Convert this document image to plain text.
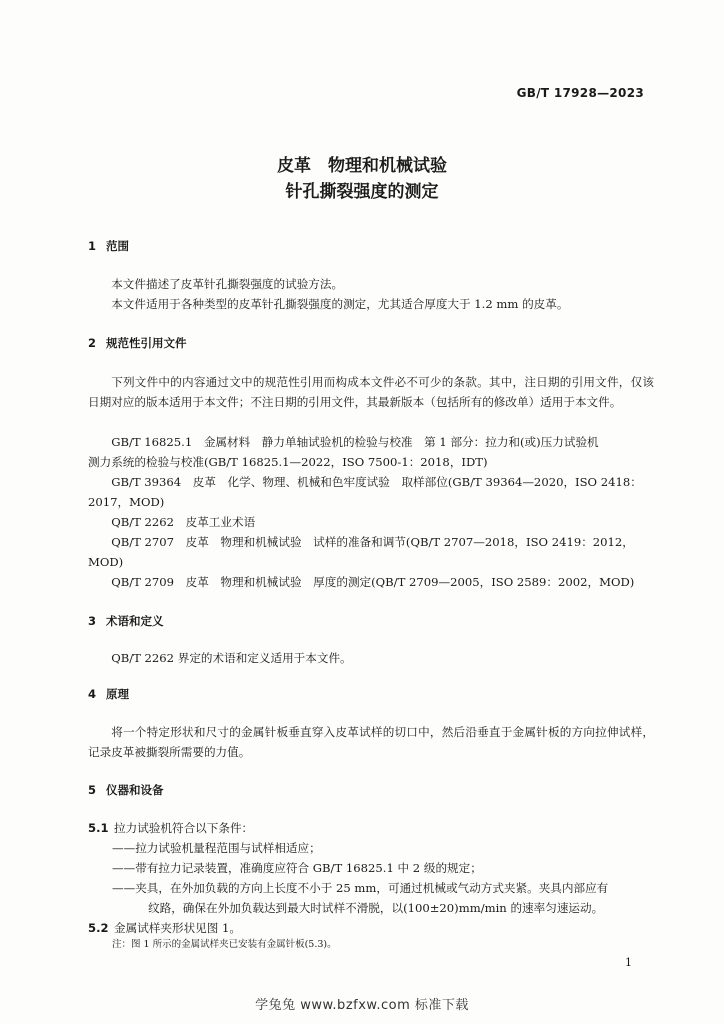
GB/T 17928—2023
皮革　物理和机械试验
针孔撕裂强度的测定
1 范围
本文件描述了皮革针孔撕裂强度的试验方法。
本文件适用于各种类型的皮革针孔撕裂强度的测定，尤其适合厚度大于 1.2 mm 的皮革。
2 规范性引用文件
下列文件中的内容通过文中的规范性引用而构成本文件必不可少的条款。其中，注日期的引用文件，仅该日期对应的版本适用于本文件；不注日期的引用文件，其最新版本（包括所有的修改单）适用于本文件。
GB/T 16825.1　金属材料　静力单轴试验机的检验与校准　第 1 部分：拉力和(或)压力试验机
测力系统的检验与校准(GB/T 16825.1—2022，ISO 7500-1：2018，IDT)
GB/T 39364　皮革　化学、物理、机械和色牢度试验　取样部位(GB/T 39364—2020，ISO 2418：
2017，MOD)
QB/T 2262　皮革工业术语
QB/T 2707　皮革　物理和机械试验　试样的准备和调节(QB/T 2707—2018，ISO 2419：2012，
MOD)
QB/T 2709　皮革　物理和机械试验　厚度的测定(QB/T 2709—2005，ISO 2589：2002，MOD)
3 术语和定义
QB/T 2262 界定的术语和定义适用于本文件。
4 原理
将一个特定形状和尺寸的金属针板垂直穿入皮革试样的切口中，然后沿垂直于金属针板的方向拉伸试样，记录皮革被撕裂所需要的力值。
5 仪器和设备
5.1 拉力试验机符合以下条件：
——拉力试验机量程范围与试样相适应；
——带有拉力记录装置，准确度应符合 GB/T 16825.1 中 2 级的规定；
——夹具，在外加负载的方向上长度不小于 25 mm，可通过机械或气动方式夹紧。夹具内部应有
纹路，确保在外加负载达到最大时试样不滑脱，以(100±20)mm/min 的速率匀速运动。
5.2 金属试样夹形状见图 1。
注：图 1 所示的金属试样夹已安装有金属针板(5.3)。
1
学兔兔 www.bzfxw.com 标准下载
